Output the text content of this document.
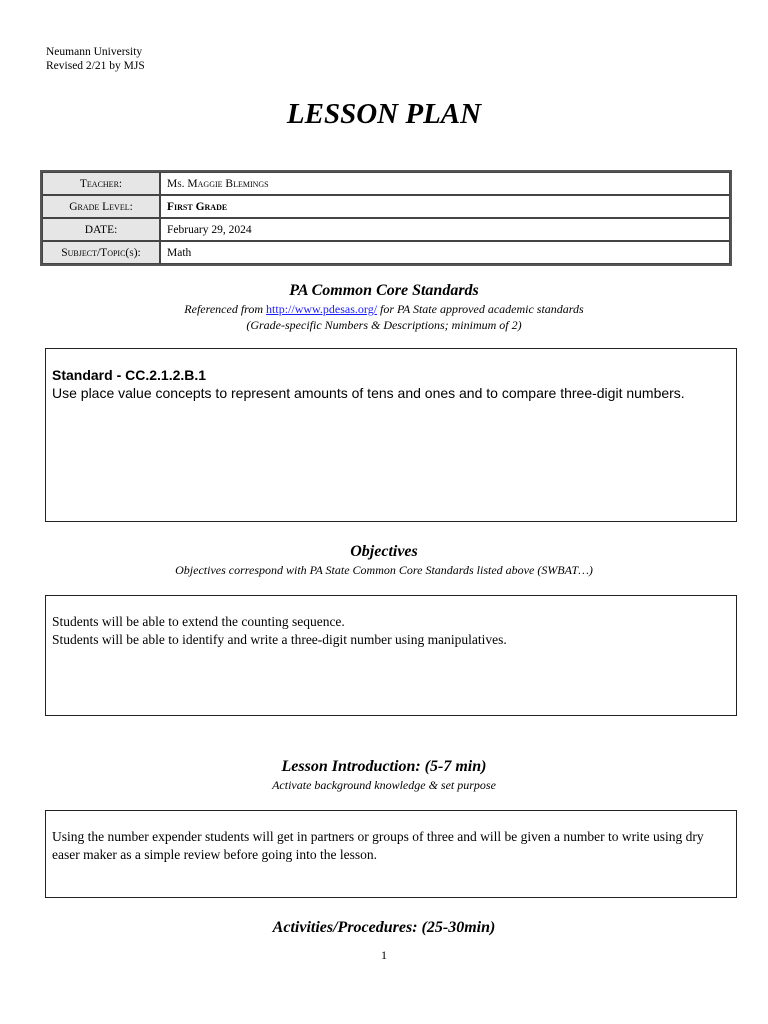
Neumann University
Revised 2/21 by MJS
LESSON PLAN
Teacher:	Ms. Maggie Blemings
Grade Level:	First Grade
DATE:	February 29, 2024
Subject/Topic(s):	Math
PA Common Core Standards
Referenced from http://www.pdesas.org/ for PA State approved academic standards
(Grade-specific Numbers & Descriptions; minimum of 2)
Standard - CC.2.1.2.B.1
Use place value concepts to represent amounts of tens and ones and to compare three-digit numbers.
Objectives
Objectives correspond with PA State Common Core Standards listed above (SWBAT…)
Students will be able to extend the counting sequence.
Students will be able to identify and write a three-digit number using manipulatives.
Lesson Introduction: (5-7 min)
Activate background knowledge & set purpose
Using the number expender students will get in partners or groups of three and will be given a number to write using dry easer maker as a simple review before going into the lesson.
Activities/Procedures: (25-30min)
1
